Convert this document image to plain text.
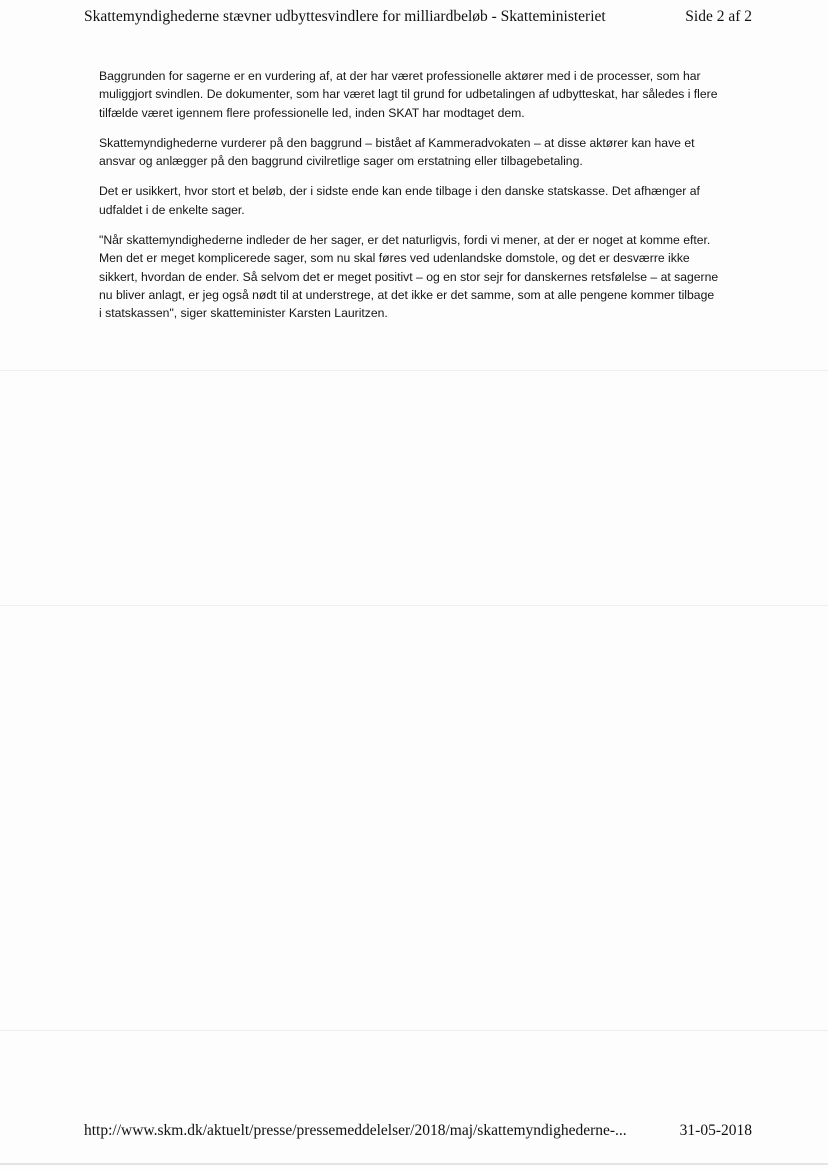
Skattemyndighederne stævner udbyttesvindlere for milliardbeløb - Skatteministeriet	Side 2 af 2

Baggrunden for sagerne er en vurdering af, at der har været professionelle aktører med i de processer, som har muliggjort svindlen. De dokumenter, som har været lagt til grund for udbetalingen af udbytteskat, har således i flere tilfælde været igennem flere professionelle led, inden SKAT har modtaget dem.

Skattemyndighederne vurderer på den baggrund – bistået af Kammeradvokaten – at disse aktører kan have et ansvar og anlægger på den baggrund civilretlige sager om erstatning eller tilbagebetaling.

Det er usikkert, hvor stort et beløb, der i sidste ende kan ende tilbage i den danske statskasse. Det afhænger af udfaldet i de enkelte sager.

"Når skattemyndighederne indleder de her sager, er det naturligvis, fordi vi mener, at der er noget at komme efter. Men det er meget komplicerede sager, som nu skal føres ved udenlandske domstole, og det er desværre ikke sikkert, hvordan de ender. Så selvom det er meget positivt – og en stor sejr for danskernes retsfølelse – at sagerne nu bliver anlagt, er jeg også nødt til at understrege, at det ikke er det samme, som at alle pengene kommer tilbage i statskassen", siger skatteminister Karsten Lauritzen.

http://www.skm.dk/aktuelt/presse/pressemeddelelser/2018/maj/skattemyndighederne-...	31-05-2018
